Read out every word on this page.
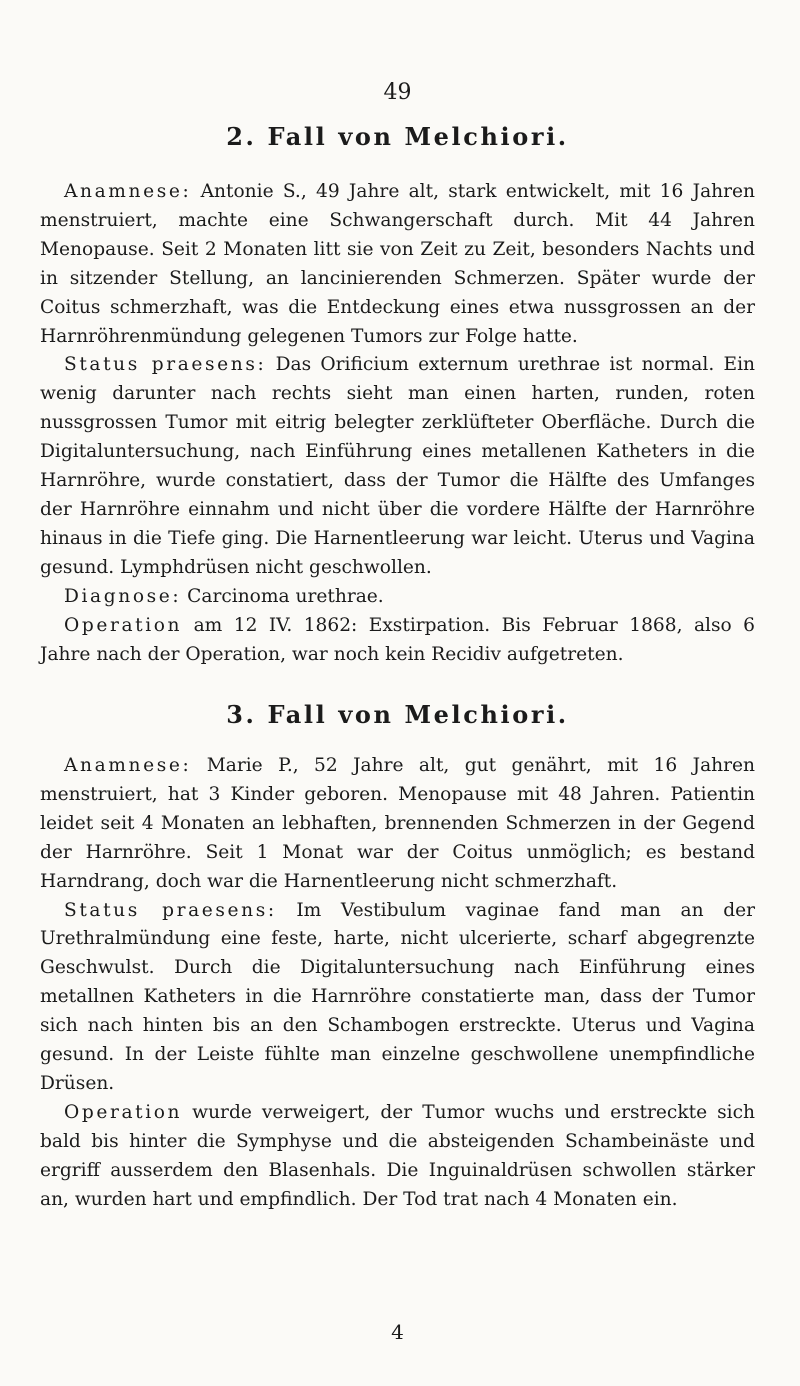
49
2. Fall von Melchiori.

Anamnese: Antonie S., 49 Jahre alt, stark entwickelt, mit 16 Jahren menstruiert, machte eine Schwangerschaft durch. Mit 44 Jahren Menopause. Seit 2 Monaten litt sie von Zeit zu Zeit, besonders Nachts und in sitzender Stellung, an lancinierenden Schmerzen. Später wurde der Coitus schmerzhaft, was die Entdeckung eines etwa nussgrossen an der Harnröhrenmündung gelegenen Tumors zur Folge hatte.

Status praesens: Das Orificium externum urethrae ist normal. Ein wenig darunter nach rechts sieht man einen harten, runden, roten nussgrossen Tumor mit eitrig belegter zerklüfteter Oberfläche. Durch die Digitaluntersuchung, nach Einführung eines metallenen Katheters in die Harnröhre, wurde constatiert, dass der Tumor die Hälfte des Umfanges der Harnröhre einnahm und nicht über die vordere Hälfte der Harnröhre hinaus in die Tiefe ging. Die Harnentleerung war leicht. Uterus und Vagina gesund. Lymphdrüsen nicht geschwollen.

Diagnose: Carcinoma urethrae.

Operation am 12 IV. 1862: Exstirpation. Bis Februar 1868, also 6 Jahre nach der Operation, war noch kein Recidiv aufgetreten.

3. Fall von Melchiori.

Anamnese: Marie P., 52 Jahre alt, gut genährt, mit 16 Jahren menstruiert, hat 3 Kinder geboren. Menopause mit 48 Jahren. Patientin leidet seit 4 Monaten an lebhaften, brennenden Schmerzen in der Gegend der Harnröhre. Seit 1 Monat war der Coitus unmöglich; es bestand Harndrang, doch war die Harnentleerung nicht schmerzhaft.

Status praesens: Im Vestibulum vaginae fand man an der Urethralmündung eine feste, harte, nicht ulcerierte, scharf abgegrenzte Geschwulst. Durch die Digitaluntersuchung nach Einführung eines metallnen Katheters in die Harnröhre constatierte man, dass der Tumor sich nach hinten bis an den Schambogen erstreckte. Uterus und Vagina gesund. In der Leiste fühlte man einzelne geschwollene unempfindliche Drüsen.

Operation wurde verweigert, der Tumor wuchs und erstreckte sich bald bis hinter die Symphyse und die absteigenden Schambeinäste und ergriff ausserdem den Blasenhals. Die Inguinaldrüsen schwollen stärker an, wurden hart und empfindlich. Der Tod trat nach 4 Monaten ein.

4
